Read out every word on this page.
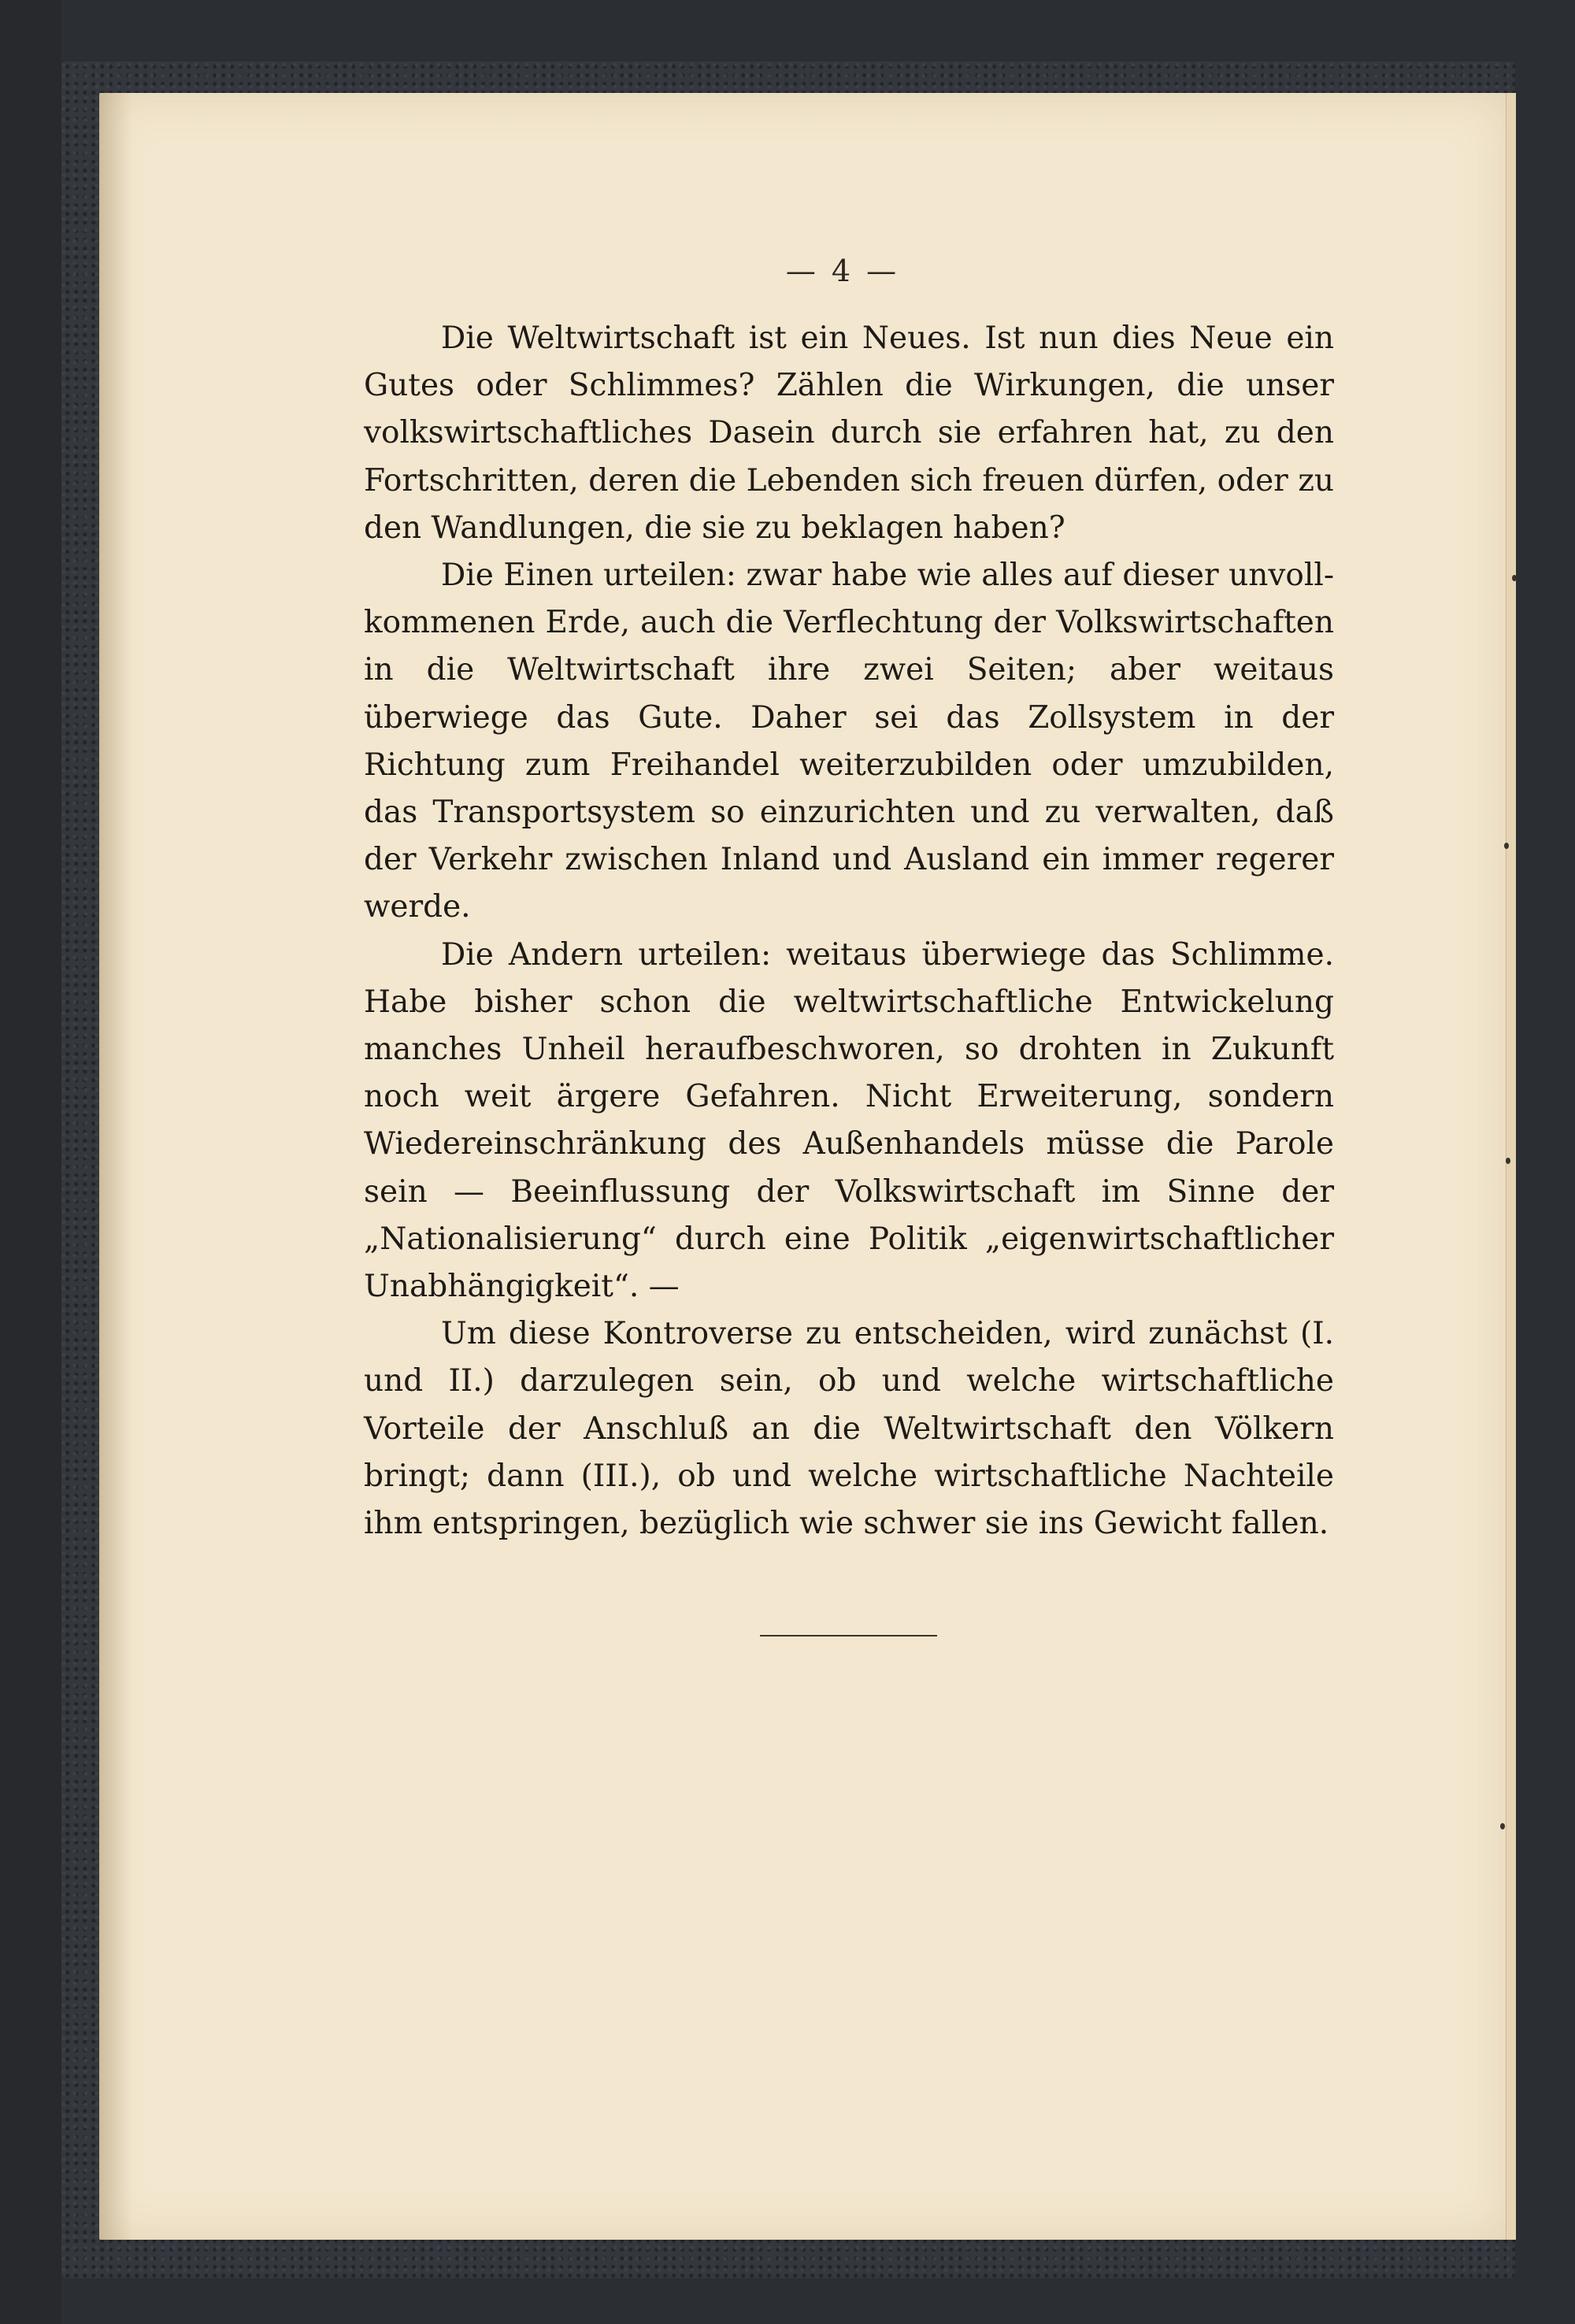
— 4 —

Die Weltwirtschaft ist ein Neues. Ist nun dies Neue ein Gutes oder Schlimmes? Zählen die Wirkungen, die unser volkswirtschaftliches Dasein durch sie erfahren hat, zu den Fortschritten, deren die Lebenden sich freuen dürfen, oder zu den Wandlungen, die sie zu beklagen haben?

Die Einen urteilen: zwar habe wie alles auf dieser unvollkommenen Erde, auch die Verflechtung der Volkswirtschaften in die Weltwirtschaft ihre zwei Seiten; aber weitaus überwiege das Gute. Daher sei das Zollsystem in der Richtung zum Freihandel weiterzubilden oder umzubilden, das Transportsystem so einzurichten und zu verwalten, daß der Verkehr zwischen Inland und Ausland ein immer regerer werde.

Die Andern urteilen: weitaus überwiege das Schlimme. Habe bisher schon die weltwirtschaftliche Entwickelung manches Unheil heraufbeschworen, so drohten in Zukunft noch weit ärgere Gefahren. Nicht Erweiterung, sondern Wiedereinschränkung des Außenhandels müsse die Parole sein — Beeinflussung der Volkswirtschaft im Sinne der „Nationalisierung“ durch eine Politik „eigenwirtschaftlicher Unabhängigkeit“. —

Um diese Kontroverse zu entscheiden, wird zunächst (I. und II.) darzulegen sein, ob und welche wirtschaftliche Vorteile der Anschluß an die Weltwirtschaft den Völkern bringt; dann (III.), ob und welche wirtschaftliche Nachteile ihm entspringen, bezüglich wie schwer sie ins Gewicht fallen.
